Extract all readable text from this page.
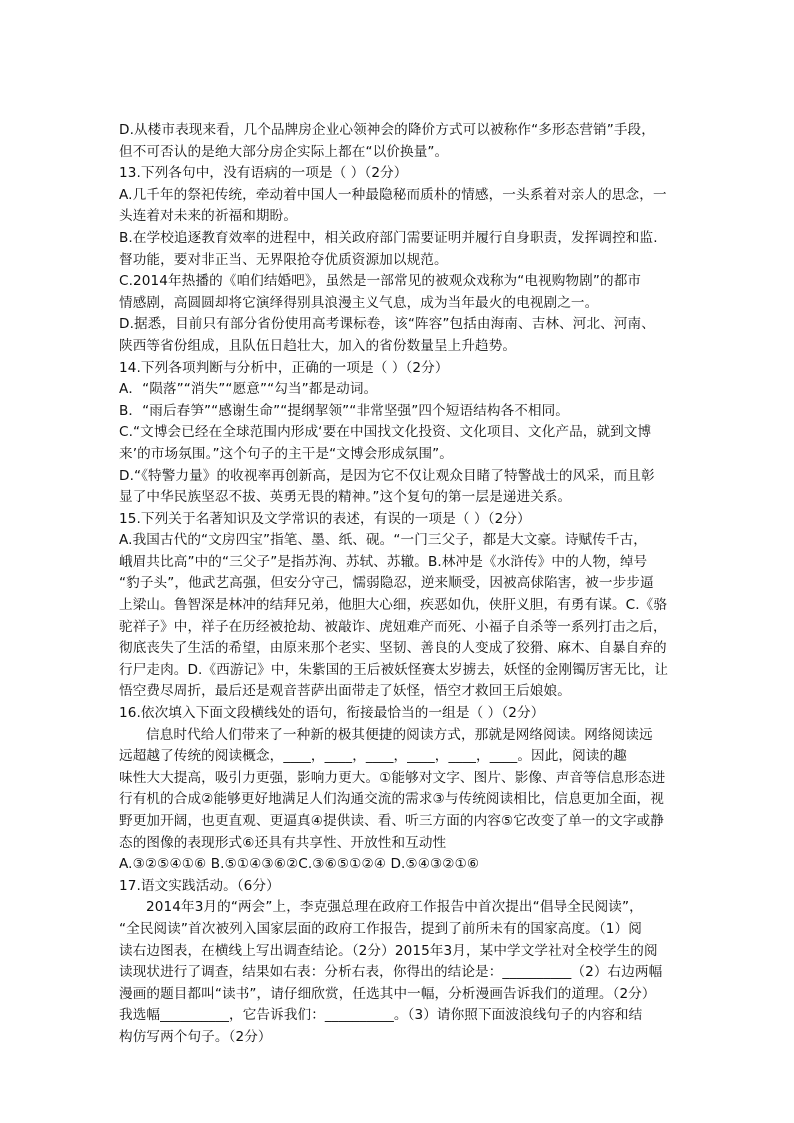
D.从楼市表现来看，几个品牌房企业心领神会的降价方式可以被称作“多形态营销”手段，
但不可否认的是绝大部分房企实际上都在“以价换量”。
13.下列各句中，没有语病的一项是（ ）（2分）
A.几千年的祭祀传统，牵动着中国人一种最隐秘而质朴的情感，一头系着对亲人的思念，一
头连着对未来的祈福和期盼。
B.在学校追逐教育效率的进程中，相关政府部门需要证明并履行自身职责，发挥调控和监.
督功能，要对非正当、无界限抢夺优质资源加以规范。
C.2014年热播的《咱们结婚吧》，虽然是一部常见的被观众戏称为“电视购物剧”的都市
情感剧，高圆圆却将它演绎得别具浪漫主义气息，成为当年最火的电视剧之一。
D.据悉，目前只有部分省份使用高考课标卷，该“阵容”包括由海南、吉林、河北、河南、
陕西等省份组成，且队伍日趋壮大，加入的省份数量呈上升趋势。
14.下列各项判断与分析中，正确的一项是（ ）（2分）
A．“陨落”“消失”“愿意”“勾当”都是动词。
B．“雨后春笋”“感谢生命”“提纲挈领”“非常坚强”四个短语结构各不相同。
C.“文博会已经在全球范围内形成‘要在中国找文化投资、文化项目、文化产品，就到文博
来’的市场氛围。”这个句子的主干是“文博会形成氛围”。
D.“《特警力量》的收视率再创新高，是因为它不仅让观众目睹了特警战士的风采，而且彰
显了中华民族坚忍不拔、英勇无畏的精神。”这个复句的第一层是递进关系。
15.下列关于名著知识及文学常识的表述，有误的一项是（ ）（2分）
A.我国古代的“文房四宝”指笔、墨、纸、砚。“一门三父子，都是大文豪。诗赋传千古，
峨眉共比高”中的“三父子”是指苏洵、苏轼、苏辙。B.林冲是《水浒传》中的人物，绰号
“豹子头”，他武艺高强，但安分守己，懦弱隐忍，逆来顺受，因被高俅陷害，被一步步逼
上梁山。鲁智深是林冲的结拜兄弟，他胆大心细，疾恶如仇，侠肝义胆，有勇有谋。C.《骆
驼祥子》中，祥子在历经被抢劫、被敲诈、虎妞难产而死、小福子自杀等一系列打击之后，
彻底丧失了生活的希望，由原来那个老实、坚韧、善良的人变成了狡猾、麻木、自暴自弃的
行尸走肉。D.《西游记》中，朱紫国的王后被妖怪赛太岁掳去，妖怪的金刚镯厉害无比，让
悟空费尽周折，最后还是观音菩萨出面带走了妖怪，悟空才救回王后娘娘。
16.依次填入下面文段横线处的语句，衔接最恰当的一组是（ ）（2分）
信息时代给人们带来了一种新的极其便捷的阅读方式，那就是网络阅读。网络阅读远
远超越了传统的阅读概念，____，____，____，____，____，____。因此，阅读的趣
味性大大提高，吸引力更强，影响力更大。①能够对文字、图片、影像、声音等信息形态进
行有机的合成②能够更好地满足人们沟通交流的需求③与传统阅读相比，信息更加全面，视
野更加开阔，也更直观、更逼真④提供读、看、听三方面的内容⑤它改变了单一的文字或静
态的图像的表现形式⑥还具有共享性、开放性和互动性
A.③②⑤④①⑥ B.⑤①④③⑥②C.③⑥⑤①②④ D.⑤④③②①⑥
17.语文实践活动。（6分）
2014年3月的“两会”上，李克强总理在政府工作报告中首次提出“倡导全民阅读”，
“全民阅读”首次被列入国家层面的政府工作报告，提到了前所未有的国家高度。（1）阅
读右边图表，在横线上写出调查结论。（2分）2015年3月，某中学文学社对全校学生的阅
读现状进行了调查，结果如右表：分析右表，你得出的结论是：__________（2）右边两幅
漫画的题目都叫“读书”，请仔细欣赏，任选其中一幅，分析漫画告诉我们的道理。（2分）
我选幅__________，它告诉我们：__________。（3）请你照下面波浪线句子的内容和结
构仿写两个句子。（2分）
